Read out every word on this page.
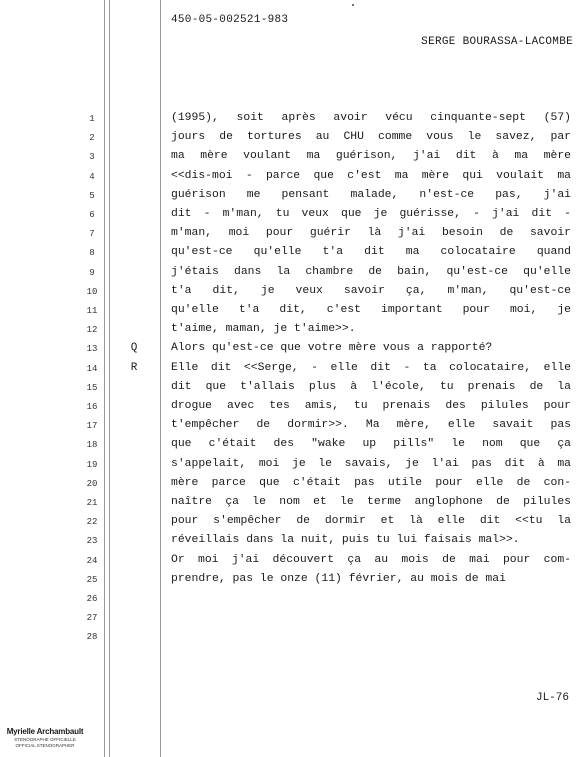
450-05-002521-983
SERGE BOURASSA-LACOMBE
1	(1995), soit après avoir vécu cinquante-sept (57)
2	jours de tortures au CHU comme vous le savez, par
3	ma mère voulant ma guérison, j'ai dit à ma mère
4	<<dis-moi - parce que c'est ma mère qui voulait ma
5	guérison me pensant malade, n'est-ce pas, j'ai
6	dit - m'man, tu veux que je guérisse, - j'ai dit -
7	m'man, moi pour guérir là j'ai besoin de savoir
8	qu'est-ce qu'elle t'a dit ma colocataire quand
9	j'étais dans la chambre de bain, qu'est-ce qu'elle
10	t'a dit, je veux savoir ça, m'man, qu'est-ce
11	qu'elle t'a dit, c'est important pour moi, je
12	t'aime, maman, je t'aime>>.
13	Q	Alors qu'est-ce que votre mère vous a rapporté?
14	R	Elle dit <<Serge, - elle dit - ta colocataire, elle
15	dit que t'allais plus à l'école, tu prenais de la
16	drogue avec tes amis, tu prenais des pilules pour
17	t'empêcher de dormir>>. Ma mère, elle savait pas
18	que c'était des "wake up pills" le nom que ça
19	s'appelait, moi je le savais, je l'ai pas dit à ma
20	mère parce que c'était pas utile pour elle de con-
21	naître ça le nom et le terme anglophone de pilules
22	pour s'empêcher de dormir et là elle dit <<tu la
23	réveillais dans la nuit, puis tu lui faisais mal>>.
24	Or moi j'ai découvert ça au mois de mai pour com-
25	prendre, pas le onze (11) février, au mois de mai
26
27
28
JL-76
Myrielle Archambault
STENOGRAPHE OFFICIELLE
OFFICIAL STENOGRAPHER
